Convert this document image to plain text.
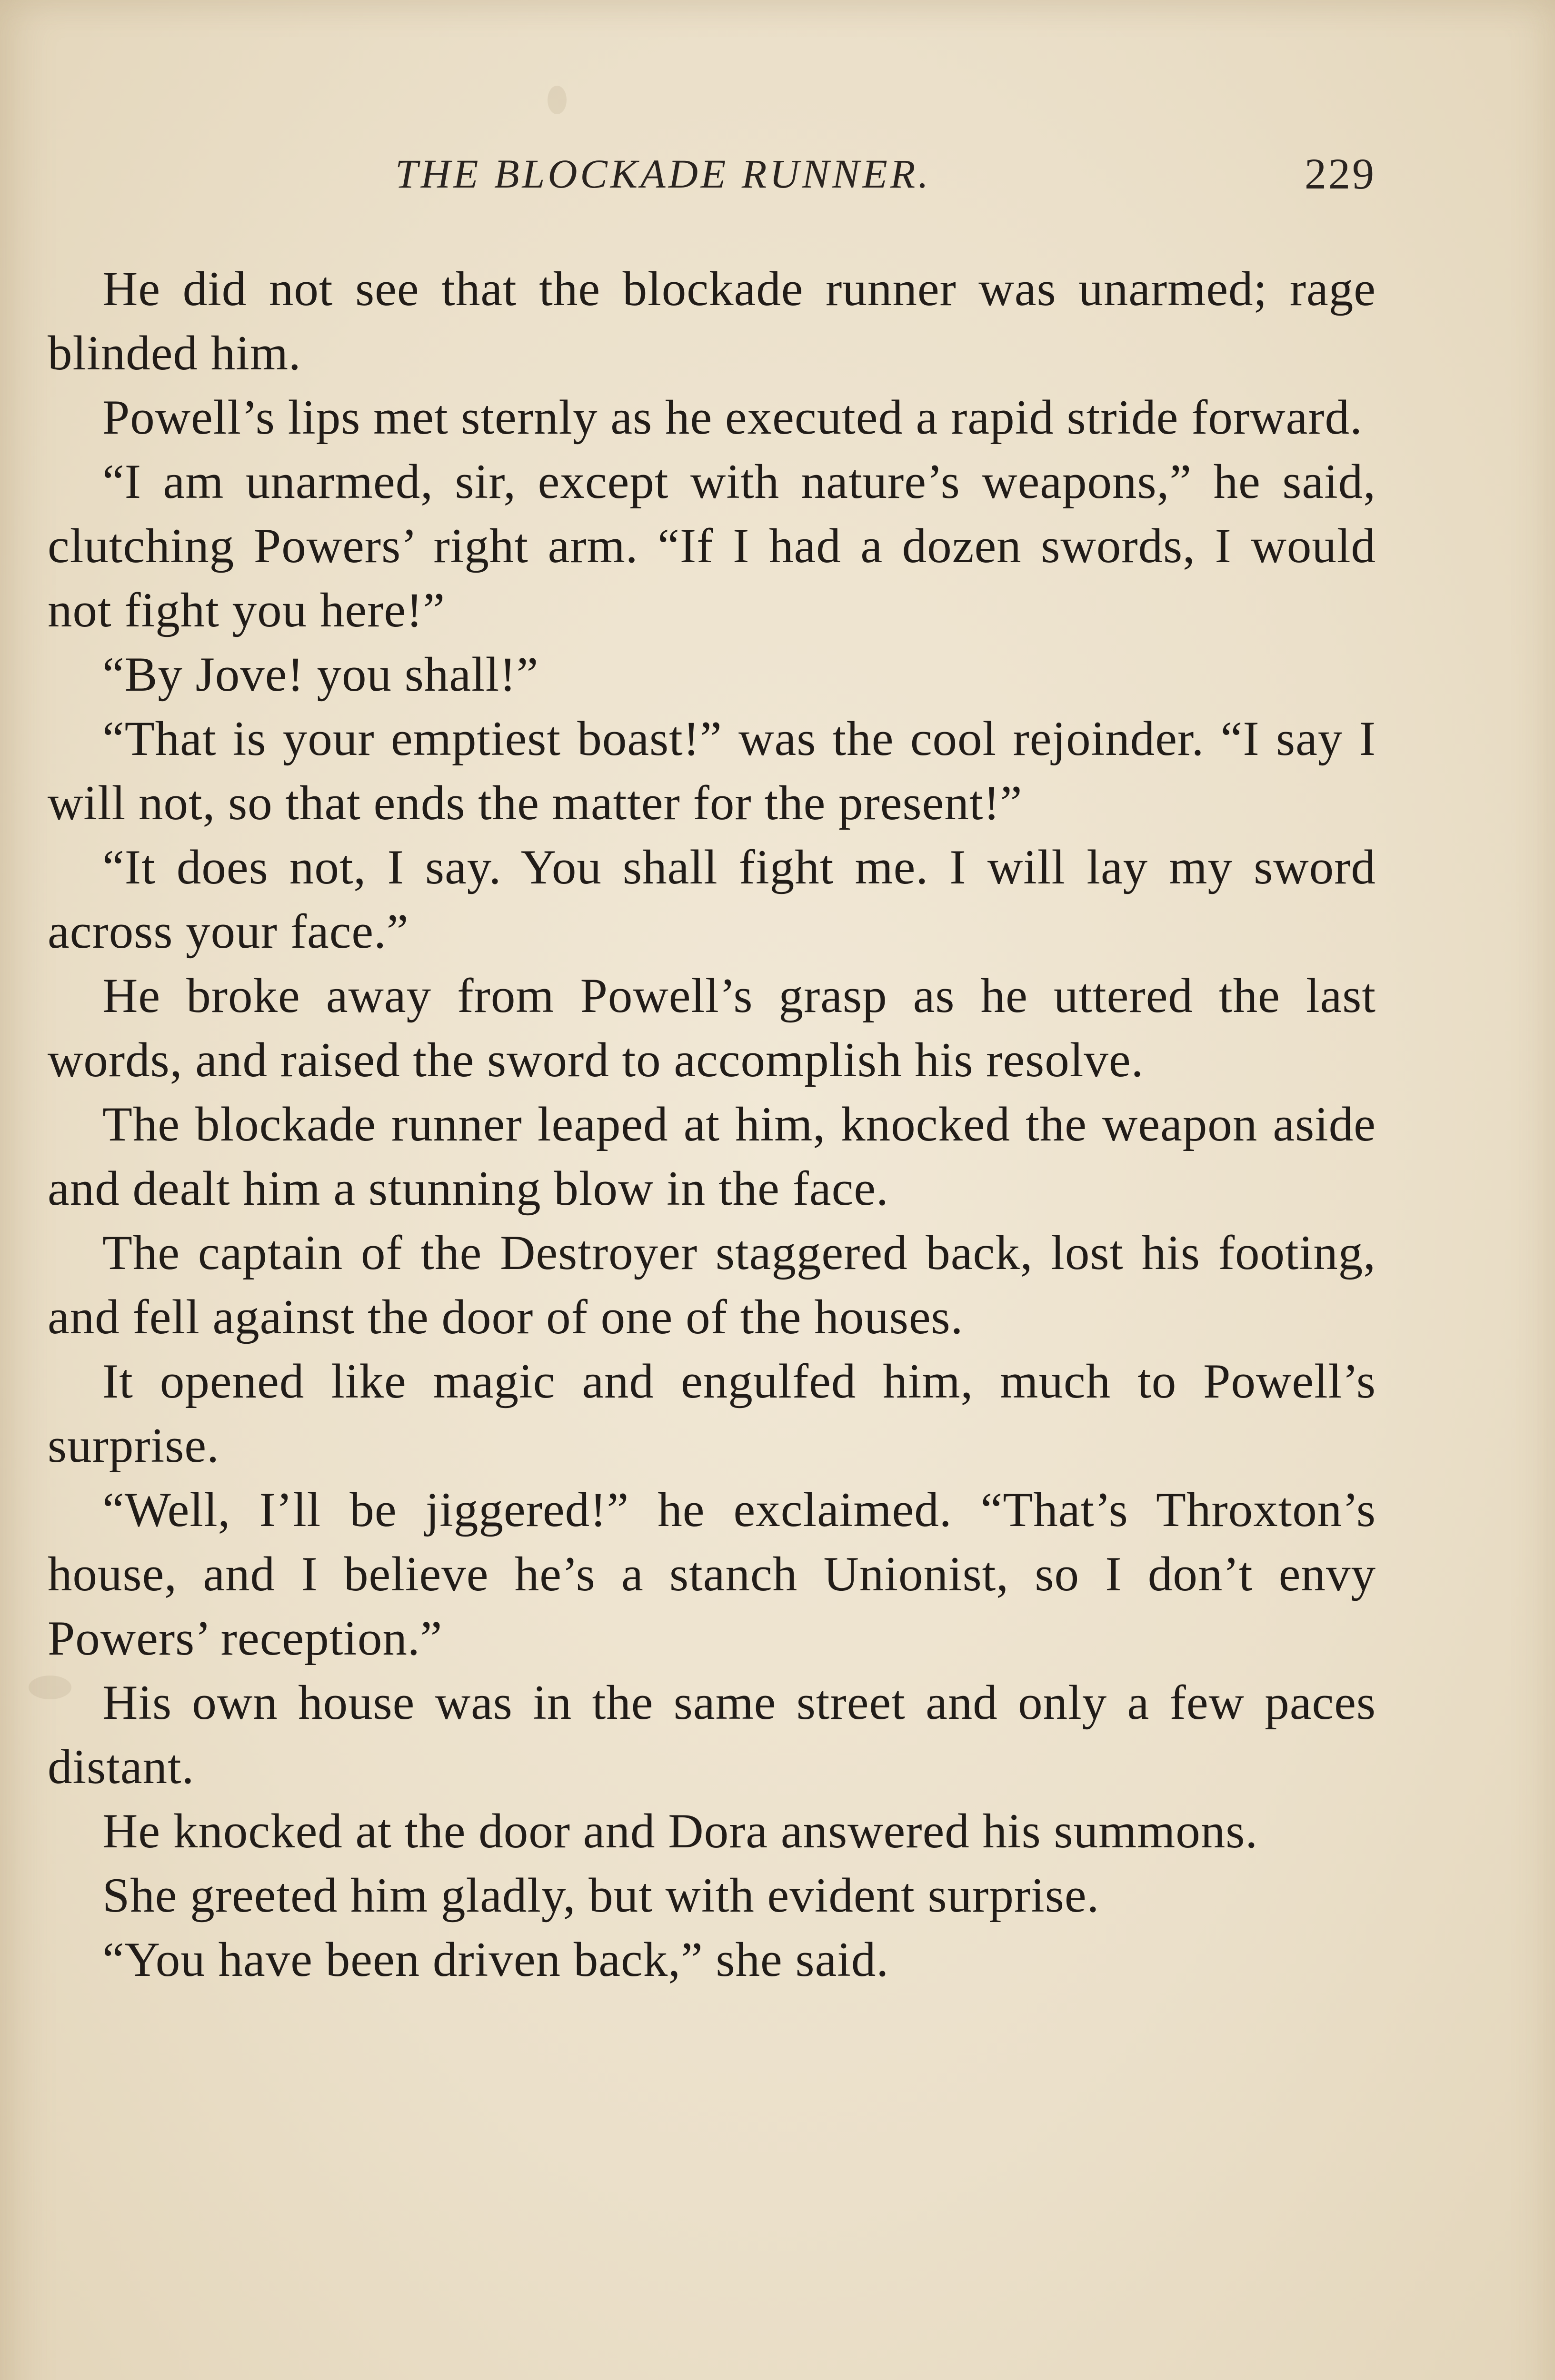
THE BLOCKADE RUNNER.	229

He did not see that the blockade runner was unarmed; rage blinded him.

Powell’s lips met sternly as he executed a rapid stride forward.

“I am unarmed, sir, except with nature’s weapons,” he said, clutching Powers’ right arm. “If I had a dozen swords, I would not fight you here!”

“By Jove! you shall!”

“That is your emptiest boast!” was the cool rejoinder. “I say I will not, so that ends the matter for the present!”

“It does not, I say. You shall fight me. I will lay my sword across your face.”

He broke away from Powell’s grasp as he uttered the last words, and raised the sword to accomplish his resolve.

The blockade runner leaped at him, knocked the weapon aside and dealt him a stunning blow in the face.

The captain of the Destroyer staggered back, lost his footing, and fell against the door of one of the houses.

It opened like magic and engulfed him, much to Powell’s surprise.

“Well, I’ll be jiggered!” he exclaimed. “That’s Throxton’s house, and I believe he’s a stanch Unionist, so I don’t envy Powers’ reception.”

His own house was in the same street and only a few paces distant.

He knocked at the door and Dora answered his summons.

She greeted him gladly, but with evident surprise.

“You have been driven back,” she said.
